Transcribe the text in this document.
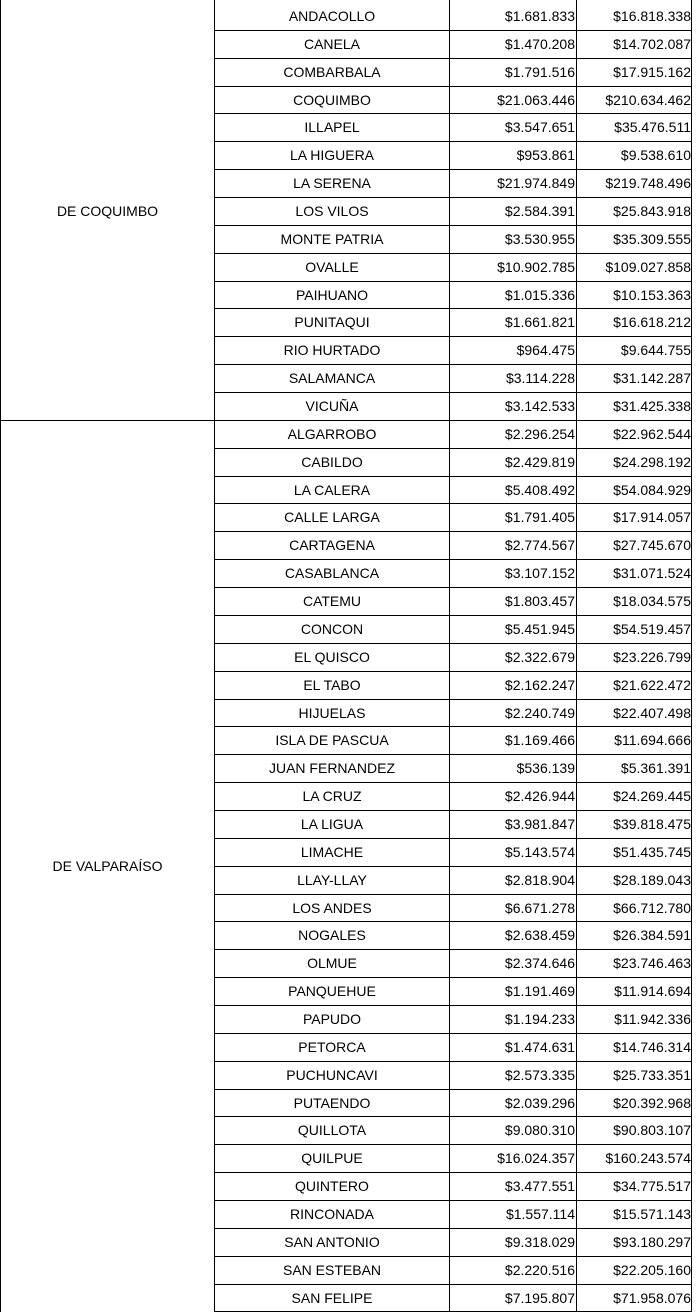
ANDACOLLO	$1.681.833	$16.818.338
CANELA	$1.470.208	$14.702.087
COMBARBALA	$1.791.516	$17.915.162
COQUIMBO	$21.063.446	$210.634.462
ILLAPEL	$3.547.651	$35.476.511
LA HIGUERA	$953.861	$9.538.610
LA SERENA	$21.974.849	$219.748.496
LOS VILOS	$2.584.391	$25.843.918
MONTE PATRIA	$3.530.955	$35.309.555
OVALLE	$10.902.785	$109.027.858
PAIHUANO	$1.015.336	$10.153.363
PUNITAQUI	$1.661.821	$16.618.212
RIO HURTADO	$964.475	$9.644.755
SALAMANCA	$3.114.228	$31.142.287
VICUÑA	$3.142.533	$31.425.338
DE COQUIMBO
ALGARROBO	$2.296.254	$22.962.544
CABILDO	$2.429.819	$24.298.192
LA CALERA	$5.408.492	$54.084.929
CALLE LARGA	$1.791.405	$17.914.057
CARTAGENA	$2.774.567	$27.745.670
CASABLANCA	$3.107.152	$31.071.524
CATEMU	$1.803.457	$18.034.575
CONCON	$5.451.945	$54.519.457
EL QUISCO	$2.322.679	$23.226.799
EL TABO	$2.162.247	$21.622.472
HIJUELAS	$2.240.749	$22.407.498
ISLA DE PASCUA	$1.169.466	$11.694.666
JUAN FERNANDEZ	$536.139	$5.361.391
LA CRUZ	$2.426.944	$24.269.445
LA LIGUA	$3.981.847	$39.818.475
LIMACHE	$5.143.574	$51.435.745
LLAY-LLAY	$2.818.904	$28.189.043
LOS ANDES	$6.671.278	$66.712.780
NOGALES	$2.638.459	$26.384.591
OLMUE	$2.374.646	$23.746.463
PANQUEHUE	$1.191.469	$11.914.694
PAPUDO	$1.194.233	$11.942.336
PETORCA	$1.474.631	$14.746.314
PUCHUNCAVI	$2.573.335	$25.733.351
PUTAENDO	$2.039.296	$20.392.968
QUILLOTA	$9.080.310	$90.803.107
QUILPUE	$16.024.357	$160.243.574
QUINTERO	$3.477.551	$34.775.517
RINCONADA	$1.557.114	$15.571.143
SAN ANTONIO	$9.318.029	$93.180.297
SAN ESTEBAN	$2.220.516	$22.205.160
SAN FELIPE	$7.195.807	$71.958.076
DE VALPARAÍSO
